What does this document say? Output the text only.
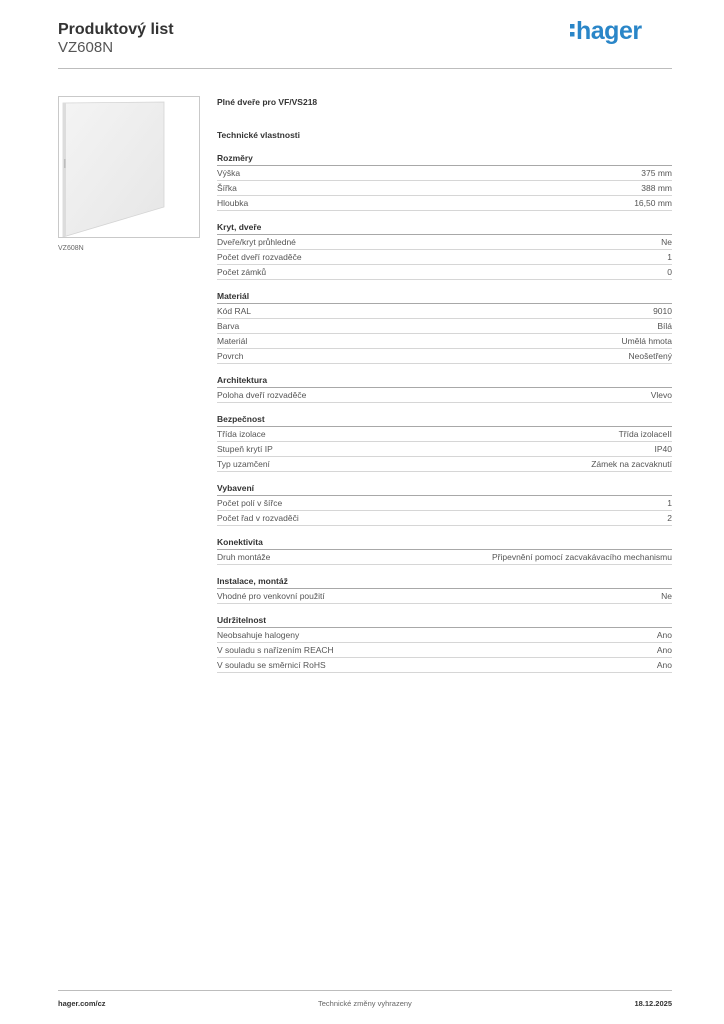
Produktový list
VZ608N
hager
VZ608N
Plné dveře pro VF/VS218
Technické vlastnosti
Rozměry
Výška	375 mm
Šířka	388 mm
Hloubka	16,50 mm
Kryt, dveře
Dveře/kryt průhledné	Ne
Počet dveří rozvaděče	1
Počet zámků	0
Materiál
Kód RAL	9010
Barva	Bílá
Materiál	Umělá hmota
Povrch	Neošetřený
Architektura
Poloha dveří rozvaděče	Vlevo
Bezpečnost
Třída izolace	Třída izolaceII
Stupeň krytí IP	IP40
Typ uzamčení	Zámek na zacvaknutí
Vybavení
Počet polí v šířce	1
Počet řad v rozvaděči	2
Konektivita
Druh montáže	Připevnění pomocí zacvakávacího mechanismu
Instalace, montáž
Vhodné pro venkovní použití	Ne
Udržitelnost
Neobsahuje halogeny	Ano
V souladu s nařízením REACH	Ano
V souladu se směrnicí RoHS	Ano
hager.com/cz	Technické změny vyhrazeny	18.12.2025
